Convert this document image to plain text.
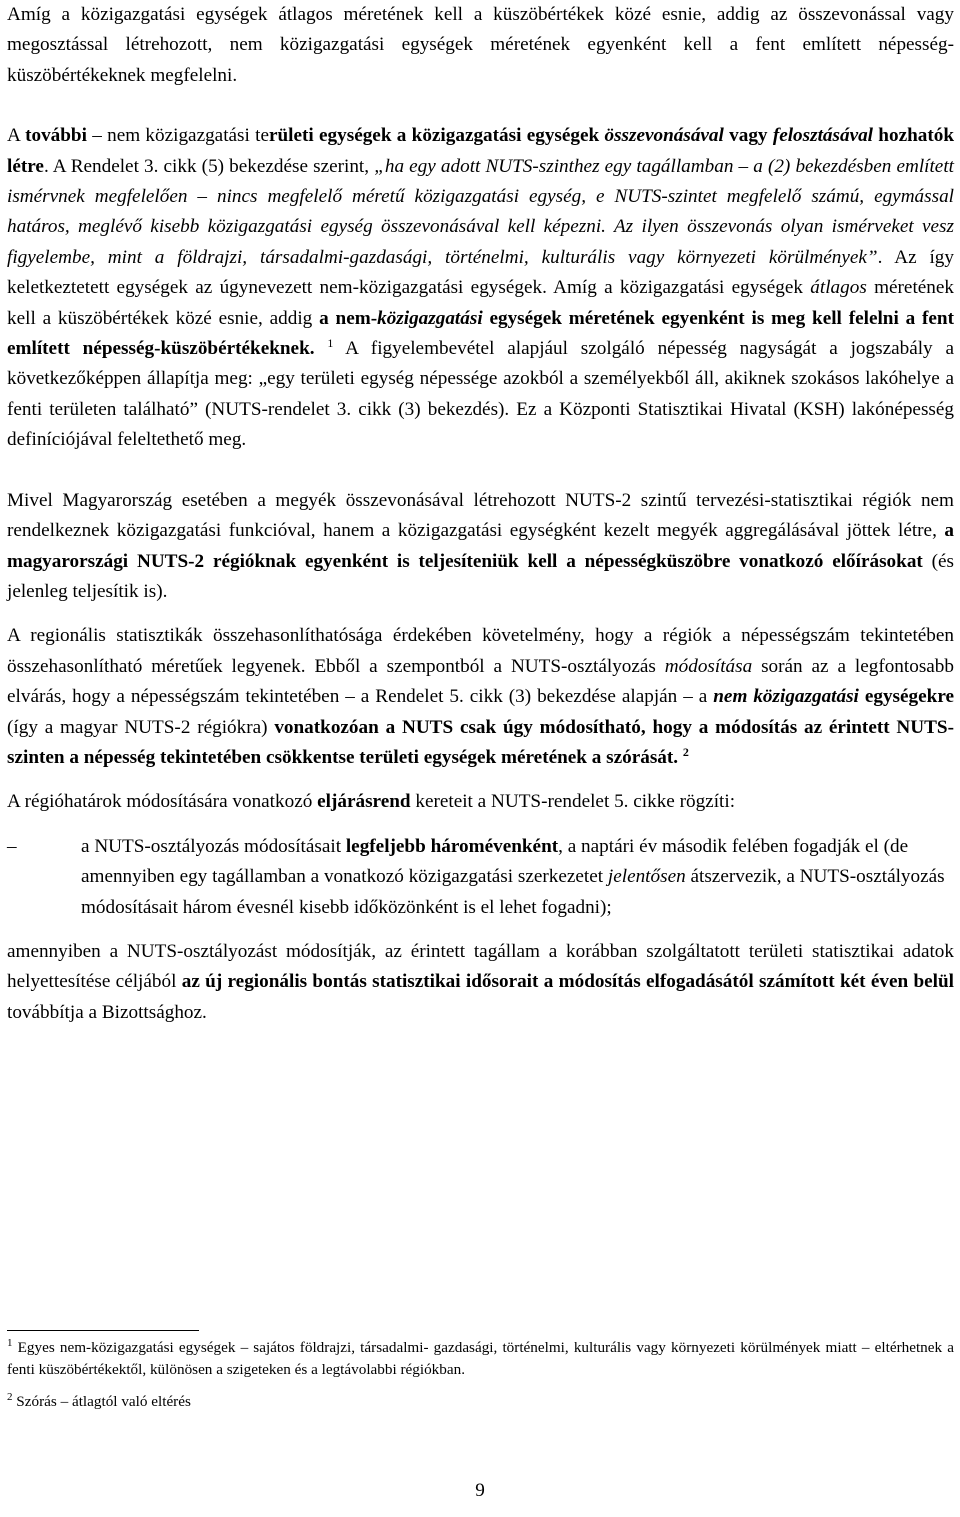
Amíg a közigazgatási egységek átlagos méretének kell a küszöbértékek közé esnie, addig az összevonással vagy megosztással létrehozott, nem közigazgatási egységek méretének egyenként kell a fent említett népesség-küszöbértékeknek megfelelni.

A további – nem közigazgatási területi egységek a közigazgatási egységek összevonásával vagy felosztásával hozhatók létre. A Rendelet 3. cikk (5) bekezdése szerint, „ha egy adott NUTS-szinthez egy tagállamban – a (2) bekezdésben említett ismérvnek megfelelően – nincs megfelelő méretű közigazgatási egység, e NUTS-szintet megfelelő számú, egymással határos, meglévő kisebb közigazgatási egység összevonásával kell képezni. Az ilyen összevonás olyan ismérveket vesz figyelembe, mint a földrajzi, társadalmi-gazdasági, történelmi, kulturális vagy környezeti körülmények”. Az így keletkeztetett egységek az úgynevezett nem-közigazgatási egységek. Amíg a közigazgatási egységek átlagos méretének kell a küszöbértékek közé esnie, addig a nem-közigazgatási egységek méretének egyenként is meg kell felelni a fent említett népesség-küszöbértékeknek. $^1$ A figyelembevétel alapjául szolgáló népesség nagyságát a jogszabály a következőképpen állapítja meg: „egy területi egység népessége azokból a személyekből áll, akiknek szokásos lakóhelye a fenti területen található” (NUTS-rendelet 3. cikk (3) bekezdés). Ez a Központi Statisztikai Hivatal (KSH) lakónépesség definíciójával feleltethető meg.

Mivel Magyarország esetében a megyék összevonásával létrehozott NUTS-2 szintű tervezési-statisztikai régiók nem rendelkeznek közigazgatási funkcióval, hanem a közigazgatási egységként kezelt megyék aggregálásával jöttek létre, a magyarországi NUTS-2 régióknak egyenként is teljesíteniük kell a népességküszöbre vonatkozó előírásokat (és jelenleg teljesítik is).

A regionális statisztikák összehasonlíthatósága érdekében követelmény, hogy a régiók a népességszám tekintetében összehasonlítható méretűek legyenek. Ebből a szempontból a NUTS-osztályozás módosítása során az a legfontosabb elvárás, hogy a népességszám tekintetében – a Rendelet 5. cikk (3) bekezdése alapján – a nem közigazgatási egységekre (így a magyar NUTS-2 régiókra) vonatkozóan a NUTS csak úgy módosítható, hogy a módosítás az érintett NUTS-szinten a népesség tekintetében csökkentse területi egységek méretének a szórását. $^2$

A régióhatárok módosítására vonatkozó eljárásrend kereteit a NUTS-rendelet 5. cikke rögzíti:

–	a NUTS-osztályozás módosításait legfeljebb háromévenként, a naptári év második felében fogadják el (de amennyiben egy tagállamban a vonatkozó közigazgatási szerkezetet jelentősen átszervezik, a NUTS-osztályozás módosításait három évesnél kisebb időközönként is el lehet fogadni);

amennyiben a NUTS-osztályozást módosítják, az érintett tagállam a korábban szolgáltatott területi statisztikai adatok helyettesítése céljából az új regionális bontás statisztikai idősorait a módosítás elfogadásától számított két éven belül továbbítja a Bizottsághoz.

$^1$ Egyes nem-közigazgatási egységek – sajátos földrajzi, társadalmi- gazdasági, történelmi, kulturális vagy környezeti körülmények miatt – eltérhetnek a fenti küszöbértékektől, különösen a szigeteken és a legtávolabbi régiókban.

$^2$ Szórás – átlagtól való eltérés

9
